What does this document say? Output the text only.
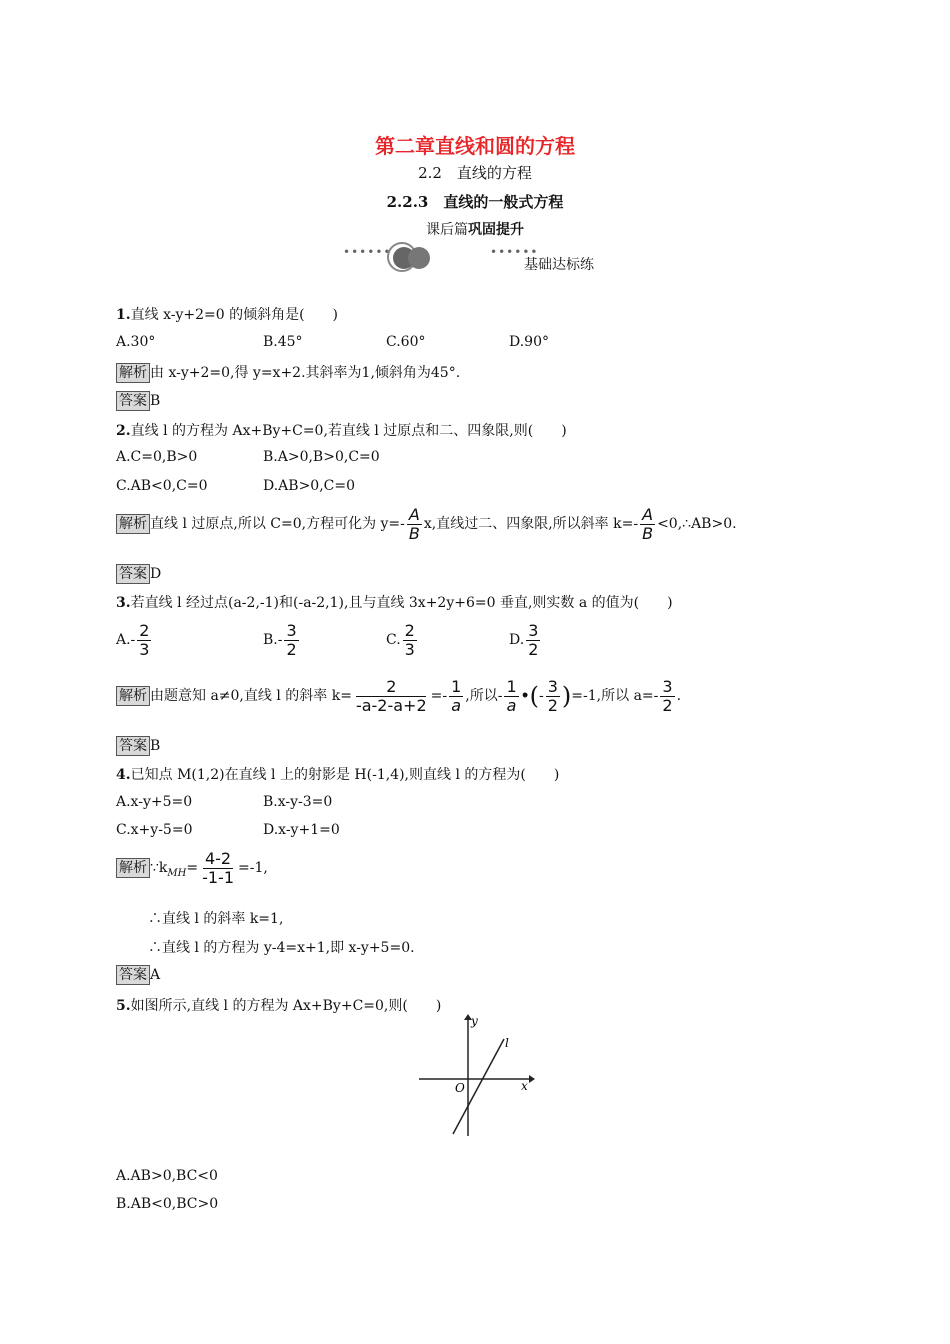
第二章直线和圆的方程
2.2　直线的方程
2.2.3　直线的一般式方程
课后篇巩固提升
••••••	••••••
基础达标练
1.直线 x-y+2=0 的倾斜角是(　　)
A.30°	B.45°	C.60°	D.90°
解析 由 x-y+2=0,得 y=x+2.其斜率为1,倾斜角为45°.
答案 B
2.直线 l 的方程为 Ax+By+C=0,若直线 l 过原点和二、四象限,则(　　)
A.C=0,B>0	B.A>0,B>0,C=0
C.AB<0,C=0	D.AB>0,C=0
解析 直线 l 过原点,所以 C=0,方程可化为 $y=- \frac{A}{B} x$,直线过二、四象限,所以斜率 $k=- \frac{A}{B}$ <0,∴AB>0.
答案 D
3.若直线 l 经过点(a-2,-1)和(-a-2,1),且与直线 3x+2y+6=0 垂直,则实数 a 的值为(　　)
$A.- \frac{2}{3}$	$B.- \frac{3}{2}$	C. $\frac{2}{3}$	D. $\frac{3}{2}$
解析 由题意知 a≠0,直线 l 的斜率 $k= \frac{2}{-a-2-a+2} =- \frac{1}{a}$ ,所以- $\frac{1}{a}$ •(- $\frac{3}{2} )=-1$,所以 $a=- \frac{3}{2}$ .
答案 B
4.已知点 M(1,2)在直线 l 上的射影是 H(-1,4),则直线 l 的方程为(　　)
A.x-y+5=0	B.x-y-3=0
C.x+y-5=0	D.x-y+1=0
解析 $\because k_{MH}= \frac{4-2}{-1-1} =-1$,
∴直线 l 的斜率 k=1,
∴直线 l 的方程为 y-4=x+1,即 x-y+5=0.
答案 A
5.如图所示,直线 l 的方程为 Ax+By+C=0,则(　　)
y
x
O
l
A.AB>0,BC<0
B.AB<0,BC>0
